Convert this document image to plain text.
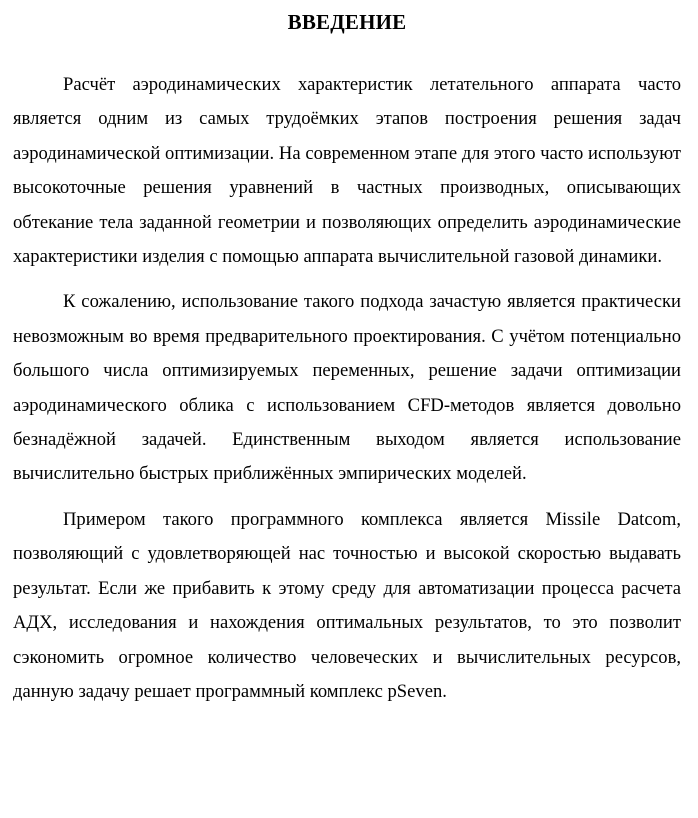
ВВЕДЕНИЕ

Расчёт аэродинамических характеристик летательного аппарата часто является одним из самых трудоёмких этапов построения решения задач аэродинамической оптимизации. На современном этапе для этого часто используют высокоточные решения уравнений в частных производных, описывающих обтекание тела заданной геометрии и позволяющих определить аэродинамические характеристики изделия с помощью аппарата вычислительной газовой динамики.

К сожалению, использование такого подхода зачастую является практически невозможным во время предварительного проектирования. С учётом потенциально большого числа оптимизируемых переменных, решение задачи оптимизации аэродинамического облика с использованием CFD-методов является довольно безнадёжной задачей. Единственным выходом является использование вычислительно быстрых приближённых эмпирических моделей.

Примером такого программного комплекса является Missile Datcom, позволяющий с удовлетворяющей нас точностью и высокой скоростью выдавать результат. Если же прибавить к этому среду для автоматизации процесса расчета АДХ, исследования и нахождения оптимальных результатов, то это позволит сэкономить огромное количество человеческих и вычислительных ресурсов, данную задачу решает программный комплекс pSeven.
